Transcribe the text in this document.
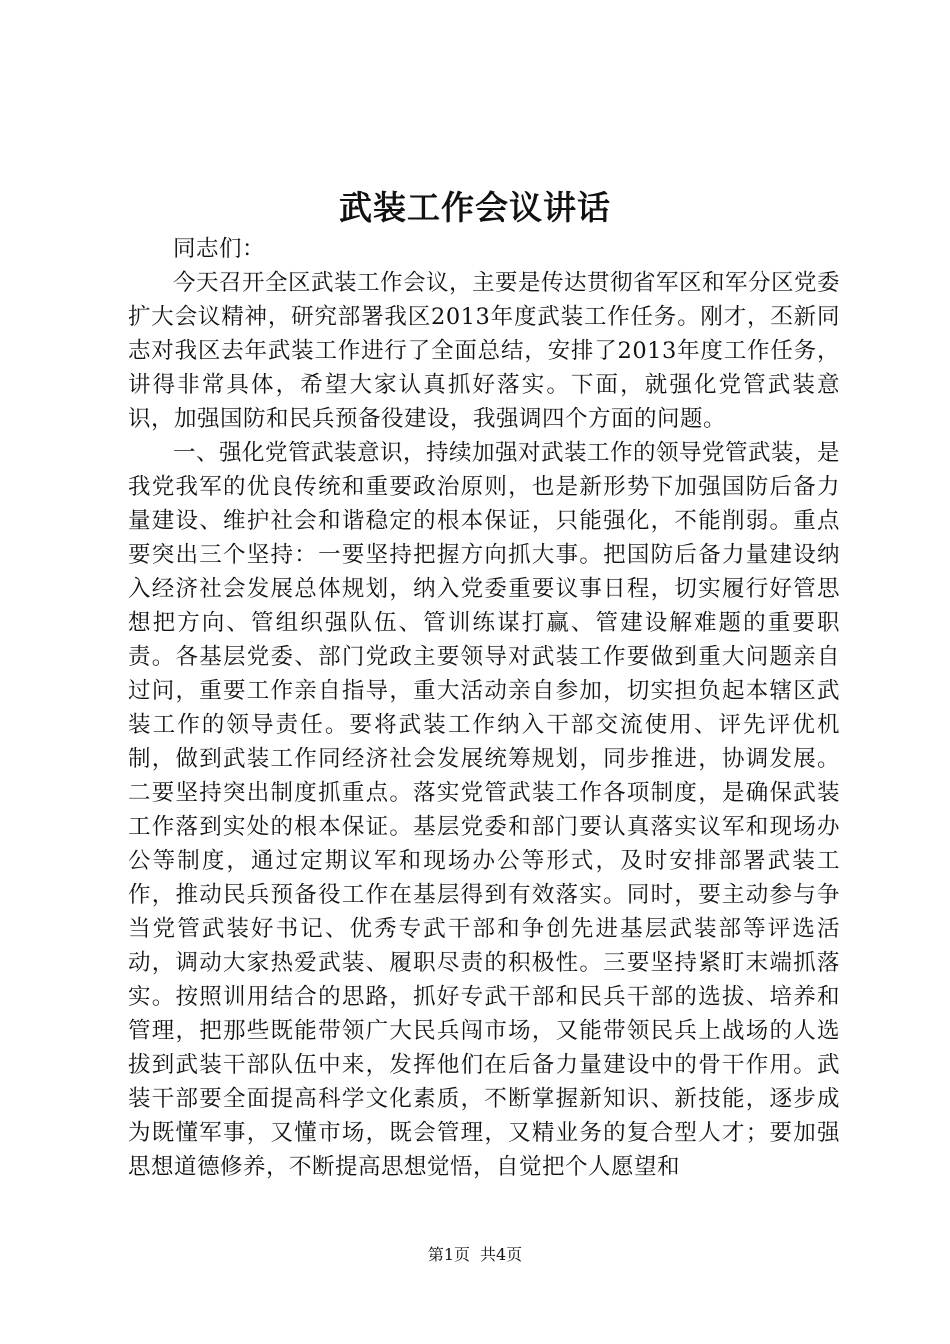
武装工作会议讲话

同志们：

今天召开全区武装工作会议，主要是传达贯彻省军区和军分区党委扩大会议精神，研究部署我区2013年度武装工作任务。刚才，丕新同志对我区去年武装工作进行了全面总结，安排了2013年度工作任务，讲得非常具体，希望大家认真抓好落实。下面，就强化党管武装意识，加强国防和民兵预备役建设，我强调四个方面的问题。

一、强化党管武装意识，持续加强对武装工作的领导党管武装，是我党我军的优良传统和重要政治原则，也是新形势下加强国防后备力量建设、维护社会和谐稳定的根本保证，只能强化，不能削弱。重点要突出三个坚持：一要坚持把握方向抓大事。把国防后备力量建设纳入经济社会发展总体规划，纳入党委重要议事日程，切实履行好管思想把方向、管组织强队伍、管训练谋打赢、管建设解难题的重要职责。各基层党委、部门党政主要领导对武装工作要做到重大问题亲自过问，重要工作亲自指导，重大活动亲自参加，切实担负起本辖区武装工作的领导责任。要将武装工作纳入干部交流使用、评先评优机制，做到武装工作同经济社会发展统筹规划，同步推进，协调发展。二要坚持突出制度抓重点。落实党管武装工作各项制度，是确保武装工作落到实处的根本保证。基层党委和部门要认真落实议军和现场办公等制度，通过定期议军和现场办公等形式，及时安排部署武装工作，推动民兵预备役工作在基层得到有效落实。同时，要主动参与争当党管武装好书记、优秀专武干部和争创先进基层武装部等评选活动，调动大家热爱武装、履职尽责的积极性。三要坚持紧盯末端抓落实。按照训用结合的思路，抓好专武干部和民兵干部的选拔、培养和管理，把那些既能带领广大民兵闯市场，又能带领民兵上战场的人选拔到武装干部队伍中来，发挥他们在后备力量建设中的骨干作用。武装干部要全面提高科学文化素质，不断掌握新知识、新技能，逐步成为既懂军事，又懂市场，既会管理，又精业务的复合型人才；要加强思想道德修养，不断提高思想觉悟，自觉把个人愿望和

第1页 共4页
